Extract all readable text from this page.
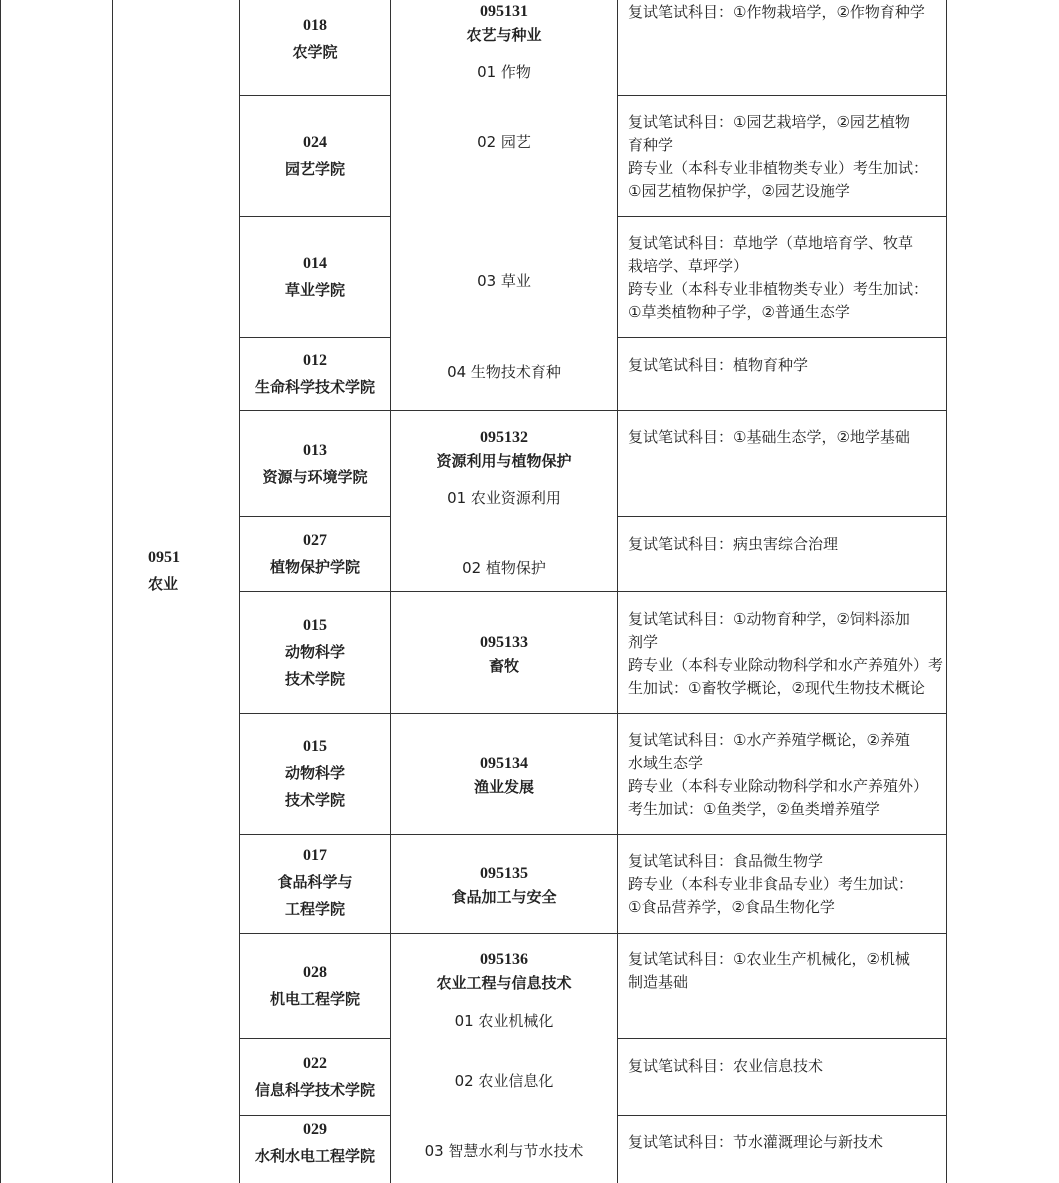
0951
农业
018
农学院
024
园艺学院
014
草业学院
012
生命科学技术学院
013
资源与环境学院
027
植物保护学院
015
动物科学
技术学院
015
动物科学
技术学院
017
食品科学与
工程学院
028
机电工程学院
022
信息科学技术学院
029
水利水电工程学院
095131
农艺与种业
01 作物
02 园艺
03 草业
04 生物技术育种
095132
资源利用与植物保护
01 农业资源利用
02 植物保护
095133
畜牧
095134
渔业发展
095135
食品加工与安全
095136
农业工程与信息技术
01 农业机械化
02 农业信息化
03 智慧水利与节水技术
复试笔试科目：①作物栽培学，②作物育种学
复试笔试科目：①园艺栽培学，②园艺植物
育种学
跨专业（本科专业非植物类专业）考生加试：
①园艺植物保护学，②园艺设施学
复试笔试科目：草地学（草地培育学、牧草
栽培学、草坪学）
跨专业（本科专业非植物类专业）考生加试：
①草类植物种子学，②普通生态学
复试笔试科目：植物育种学
复试笔试科目：①基础生态学，②地学基础
复试笔试科目：病虫害综合治理
复试笔试科目：①动物育种学，②饲料添加
剂学
跨专业（本科专业除动物科学和水产养殖外）考
生加试：①畜牧学概论，②现代生物技术概论
复试笔试科目：①水产养殖学概论，②养殖
水域生态学
跨专业（本科专业除动物科学和水产养殖外）
考生加试：①鱼类学，②鱼类增养殖学
复试笔试科目：食品微生物学
跨专业（本科专业非食品专业）考生加试：
①食品营养学，②食品生物化学
复试笔试科目：①农业生产机械化，②机械
制造基础
复试笔试科目：农业信息技术
复试笔试科目：节水灌溉理论与新技术
